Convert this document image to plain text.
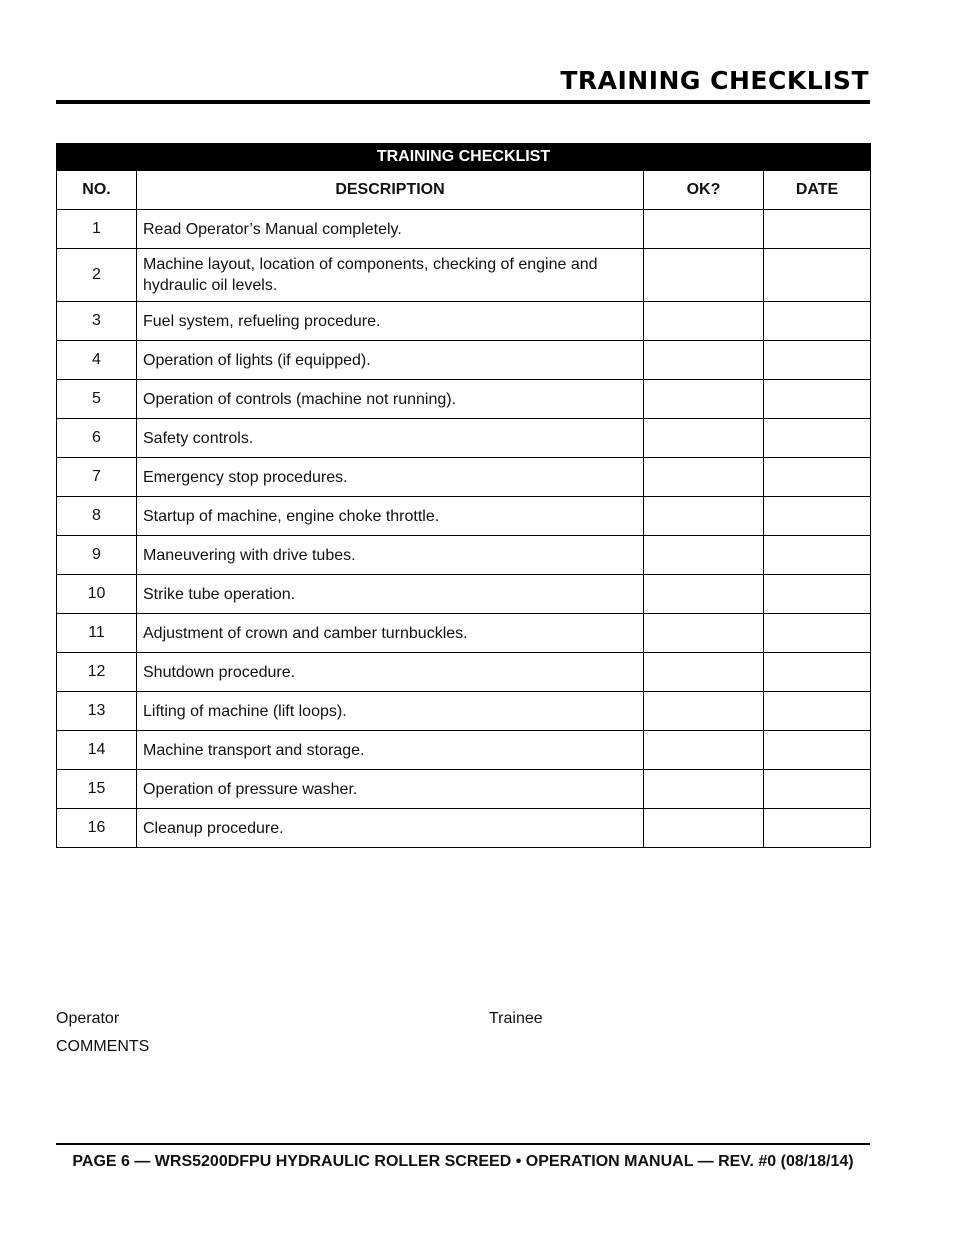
TRAINING CHECKLIST
TRAINING CHECKLIST			
NO.	DESCRIPTION	OK?	DATE
1	Read Operator’s Manual completely.		
2	Machine layout, location of components, checking of engine and hydraulic oil levels.		
3	Fuel system, refueling procedure.		
4	Operation of lights (if equipped).		
5	Operation of controls (machine not running).		
6	Safety controls.		
7	Emergency stop procedures.		
8	Startup of machine, engine choke throttle.		
9	Maneuvering with drive tubes.		
10	Strike tube operation.		
11	Adjustment of crown and camber turnbuckles.		
12	Shutdown procedure.		
13	Lifting of machine (lift loops).		
14	Machine transport and storage.		
15	Operation of pressure washer.		
16	Cleanup procedure.		
Operator	Trainee
COMMENTS
PAGE 6 — WRS5200DFPU HYDRAULIC ROLLER SCREED • OPERATION MANUAL — REV. #0 (08/18/14)
